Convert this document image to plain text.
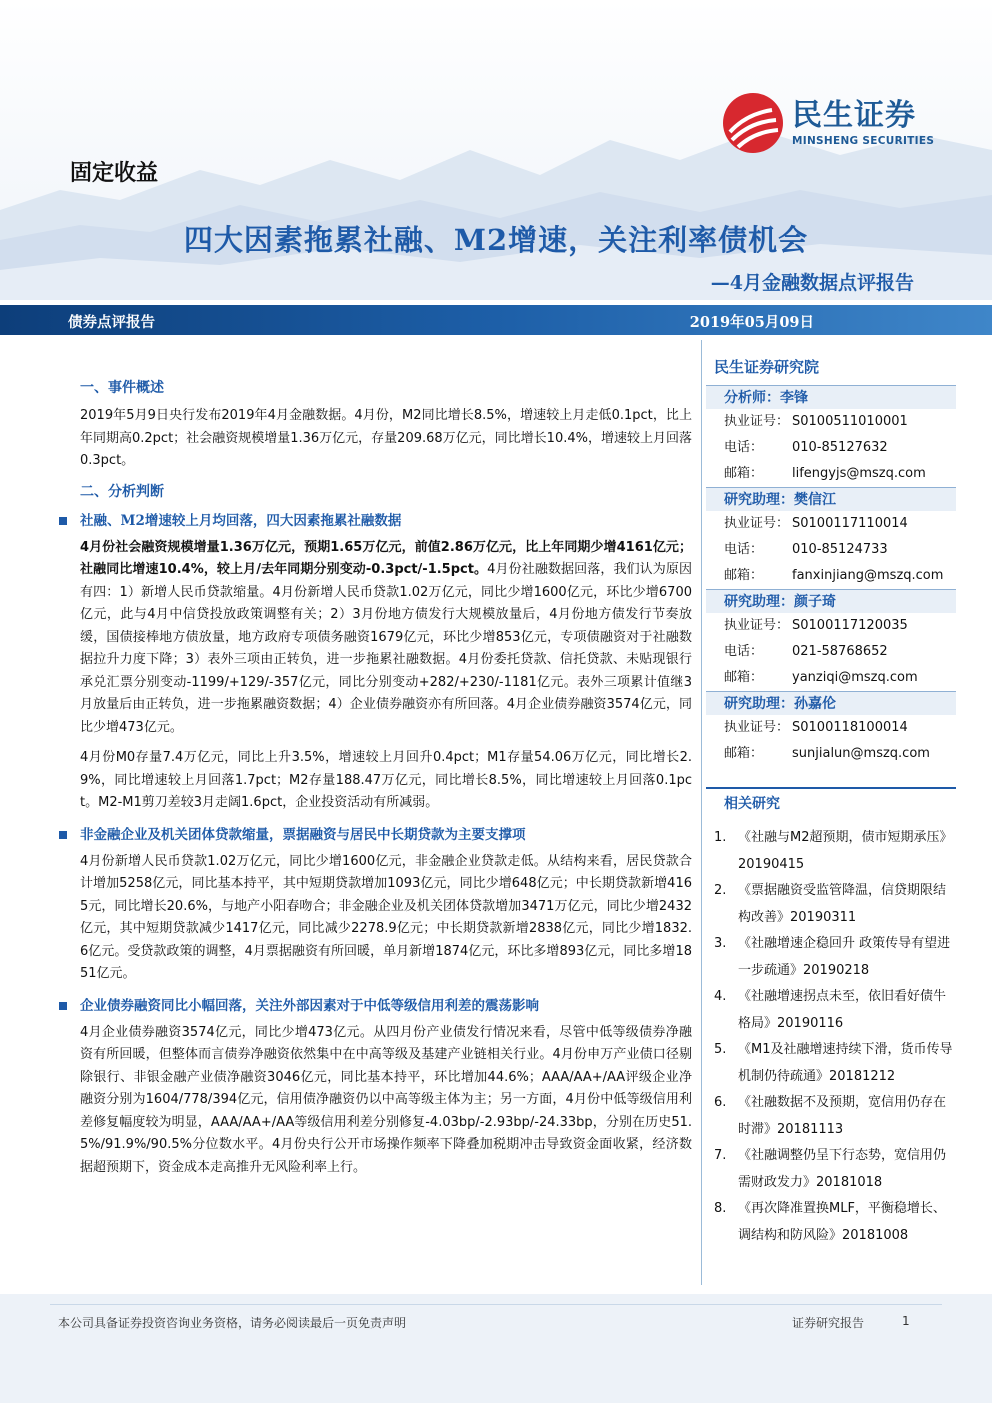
民生证券
MINSHENG SECURITIES
固定收益
四大因素拖累社融、M2增速，关注利率债机会
—4月金融数据点评报告
债券点评报告	2019年05月09日
一、事件概述

2019年5月9日央行发布2019年4月金融数据。4月份，M2同比增长8.5%，增速较上月走低0.1pct，比上年同期高0.2pct；社会融资规模增量1.36万亿元，存量209.68万亿元，同比增长10.4%，增速较上月回落0.3pct。

二、分析判断
社融、M2增速较上月均回落，四大因素拖累社融数据

4月份社会融资规模增量1.36万亿元，预期1.65万亿元，前值2.86万亿元，比上年同期少增4161亿元；社融同比增速10.4%，较上月/去年同期分别变动-0.3pct/-1.5pct。4月份社融数据回落，我们认为原因有四：1）新增人民币贷款缩量。4月份新增人民币贷款1.02万亿元，同比少增1600亿元，环比少增6700亿元，此与4月中信贷投放政策调整有关；2）3月份地方债发行大规模放量后，4月份地方债发行节奏放缓，国债接棒地方债放量，地方政府专项债务融资1679亿元，环比少增853亿元，专项债融资对于社融数据拉升力度下降；3）表外三项由正转负，进一步拖累社融数据。4月份委托贷款、信托贷款、未贴现银行承兑汇票分别变动-1199/+129/-357亿元，同比分别变动+282/+230/-1181亿元。表外三项累计值继3月放量后由正转负，进一步拖累融资数据；4）企业债券融资亦有所回落。4月企业债券融资3574亿元，同比少增473亿元。

4月份M0存量7.4万亿元，同比上升3.5%，增速较上月回升0.4pct；M1存量54.06万亿元，同比增长2.9%，同比增速较上月回落1.7pct；M2存量188.47万亿元，同比增长8.5%，同比增速较上月回落0.1pct。M2-M1剪刀差较3月走阔1.6pct，企业投资活动有所减弱。

非金融企业及机关团体贷款缩量，票据融资与居民中长期贷款为主要支撑项

4月份新增人民币贷款1.02万亿元，同比少增1600亿元，非金融企业贷款走低。从结构来看，居民贷款合计增加5258亿元，同比基本持平，其中短期贷款增加1093亿元，同比少增648亿元；中长期贷款新增4165元，同比增长20.6%，与地产小阳春吻合；非金融企业及机关团体贷款增加3471万亿元，同比少增2432亿元，其中短期贷款减少1417亿元，同比减少2278.9亿元；中长期贷款新增2838亿元，同比少增1832.6亿元。受贷款政策的调整，4月票据融资有所回暖，单月新增1874亿元，环比多增893亿元，同比多增1851亿元。

企业债券融资同比小幅回落，关注外部因素对于中低等级信用利差的震荡影响

4月企业债券融资3574亿元，同比少增473亿元。从四月份产业债发行情况来看，尽管中低等级债券净融资有所回暖，但整体而言债券净融资依然集中在中高等级及基建产业链相关行业。4月份申万产业债口径剔除银行、非银金融产业债净融资3046亿元，同比基本持平，环比增加44.6%；AAA/AA+/AA评级企业净融资分别为1604/778/394亿元，信用债净融资仍以中高等级主体为主；另一方面，4月份中低等级信用利差修复幅度较为明显，AAA/AA+/AA等级信用利差分别修复-4.03bp/-2.93bp/-24.33bp，分别在历史51.5%/91.9%/90.5%分位数水平。4月份央行公开市场操作频率下降叠加税期冲击导致资金面收紧，经济数据超预期下，资金成本走高推升无风险利率上行。

民生证券研究院
分析师：李锋
执业证号： S0100511010001
电话：	010-85127632
邮箱：	lifengyjs@mszq.com
研究助理：樊信江
执业证号： S0100117110014
电话：	010-85124733
邮箱：	fanxinjiang@mszq.com
研究助理：颜子琦
执业证号： S0100117120035
电话：	021-58768652
邮箱：	yanziqi@mszq.com
研究助理：孙嘉伦
执业证号： S0100118100014
邮箱：	sunjialun@mszq.com
相关研究
1. 《社融与M2超预期，债市短期承压》20190415
2. 《票据融资受监管降温，信贷期限结构改善》20190311
3. 《社融增速企稳回升 政策传导有望进一步疏通》20190218
4. 《社融增速拐点未至，依旧看好债牛格局》20190116
5. 《M1及社融增速持续下滑，货币传导机制仍待疏通》20181212
6. 《社融数据不及预期，宽信用仍存在时滞》20181113
7. 《社融调整仍呈下行态势，宽信用仍需财政发力》20181018
8. 《再次降准置换MLF，平衡稳增长、调结构和防风险》20181008
本公司具备证券投资咨询业务资格，请务必阅读最后一页免责声明	证券研究报告	1
